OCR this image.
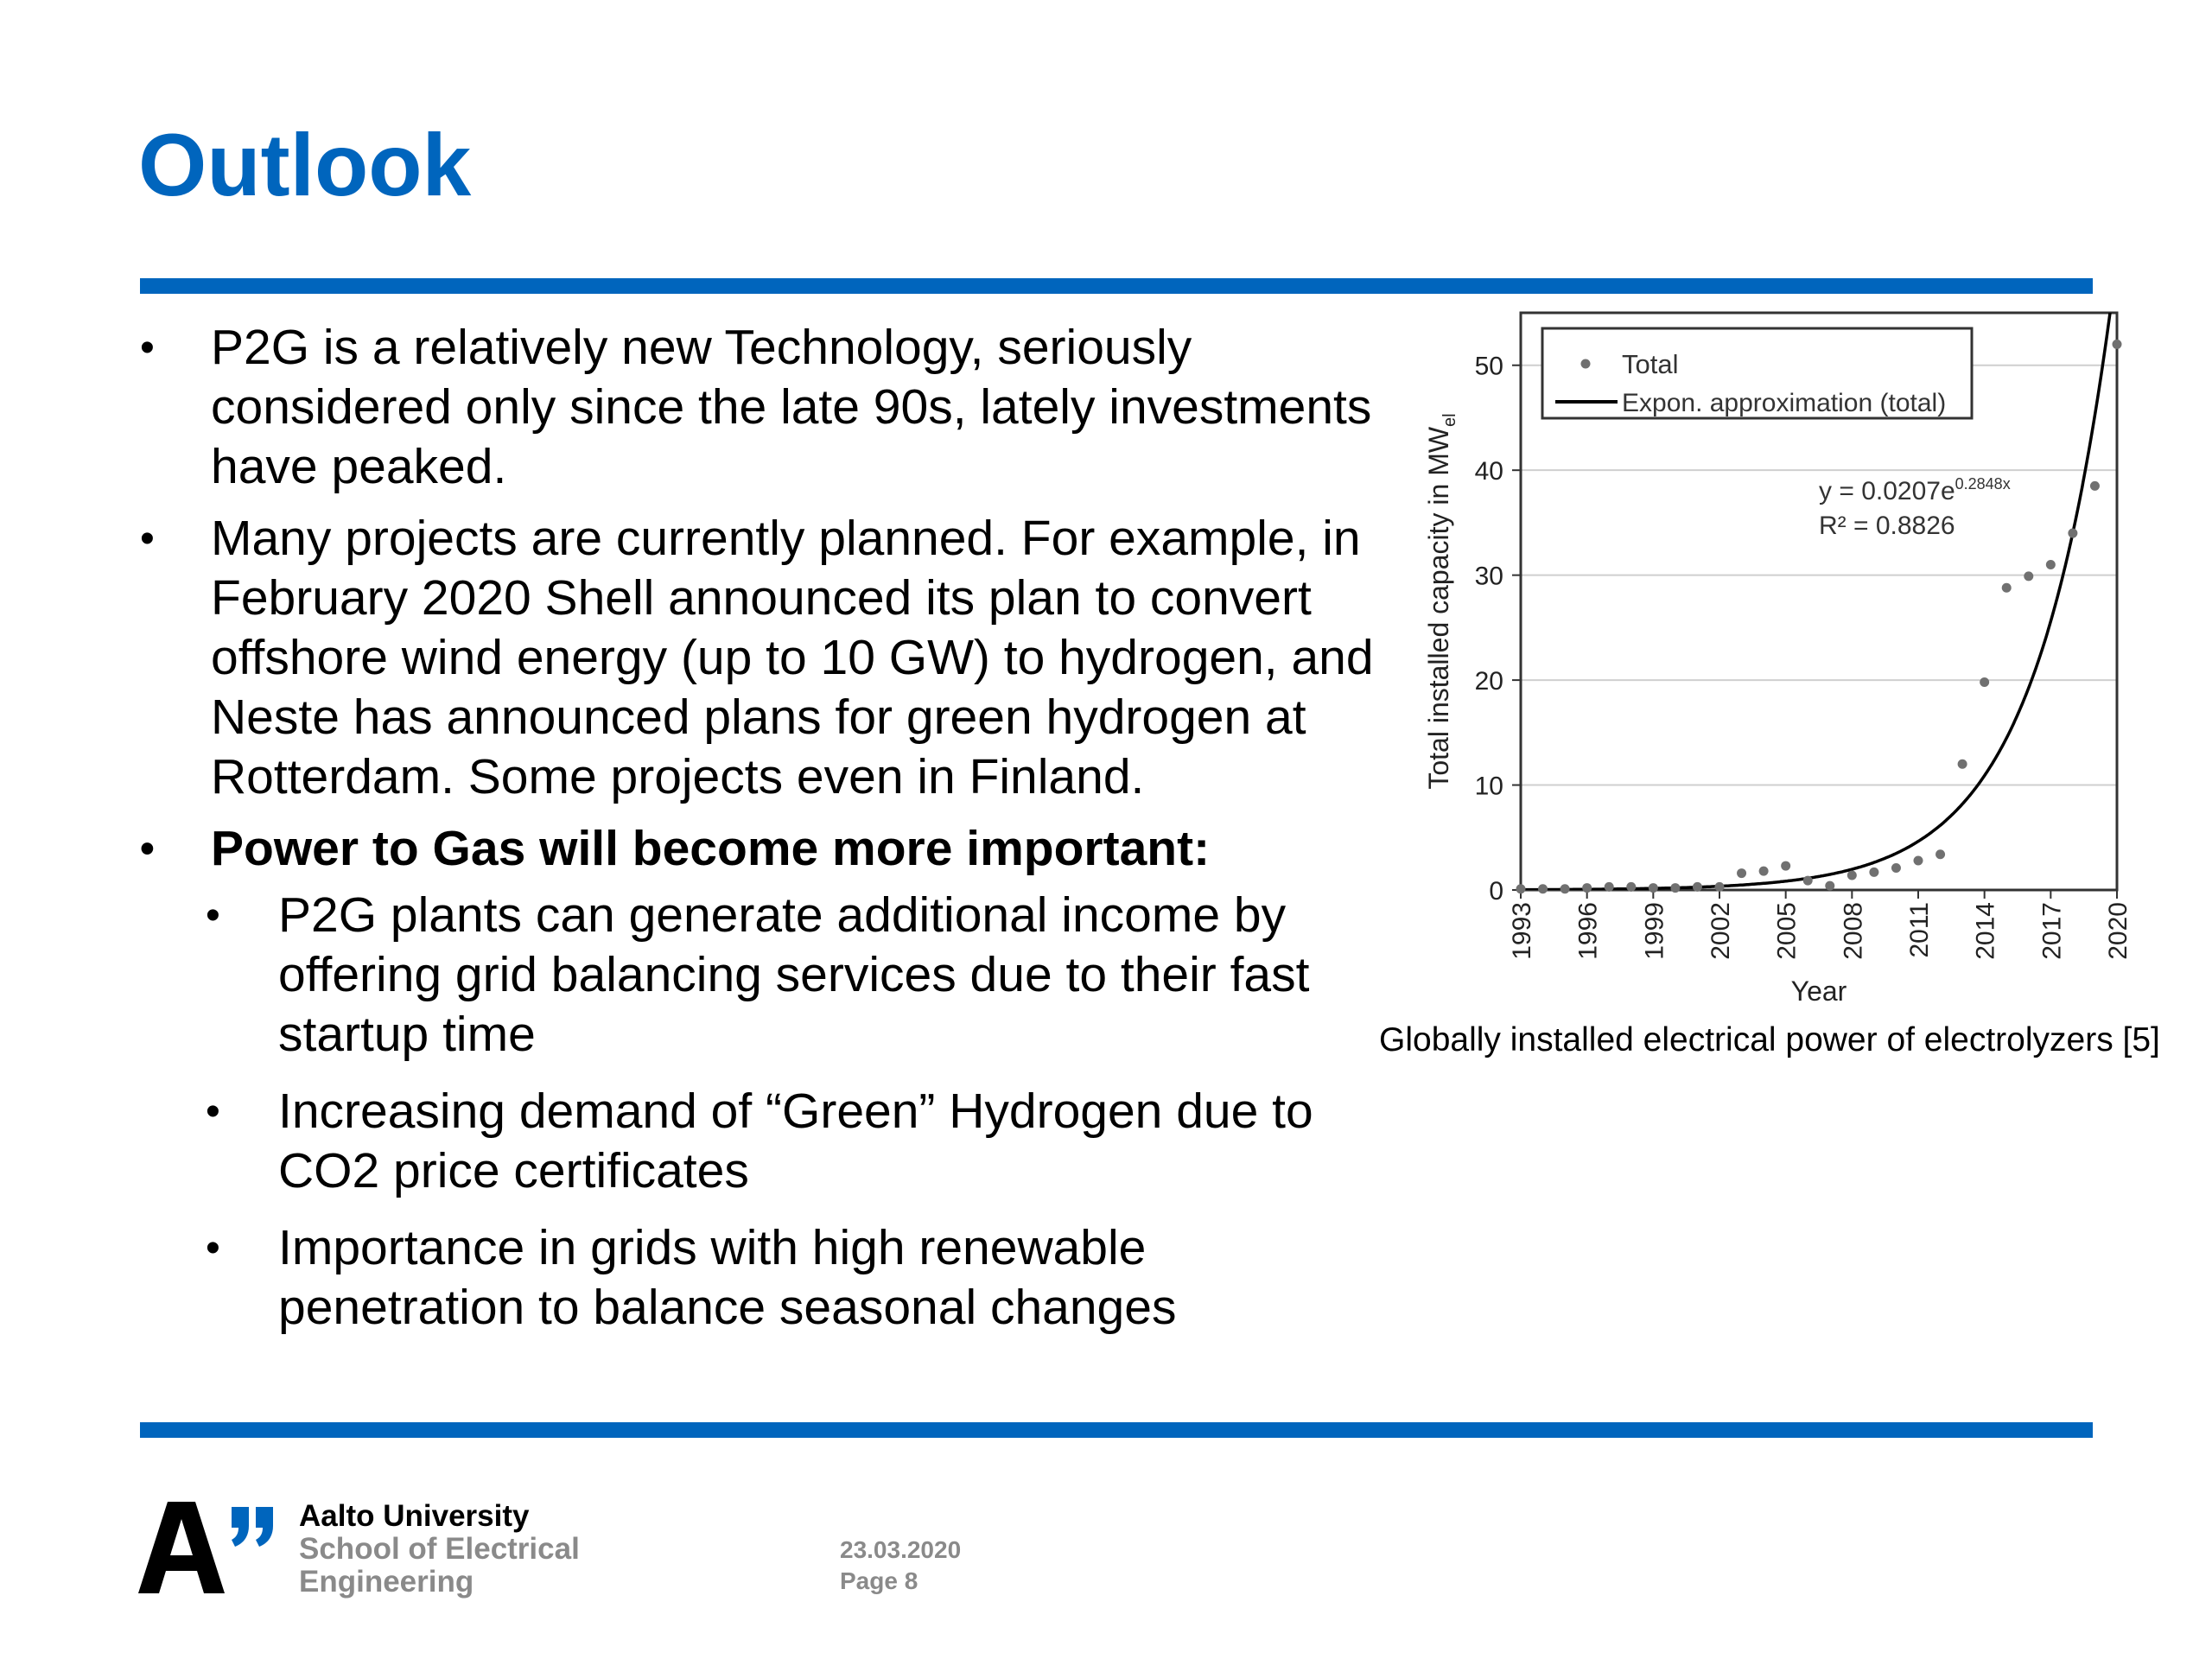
Outlook
• P2G is a relatively new Technology, seriously considered only since the late 90s, lately investments have peaked.
• Many projects are currently planned. For example, in February 2020 Shell announced its plan to convert offshore wind energy (up to 10 GW) to hydrogen, and Neste has announced plans for green hydrogen at Rotterdam. Some projects even in Finland.
• Power to Gas will become more important:
• P2G plants can generate additional income by offering grid balancing services due to their fast startup time
• Increasing demand of “Green” Hydrogen due to CO2 price certificates
• Importance in grids with high renewable penetration to balance seasonal changes
0
10
20
30
40
50
1993 1996 1999 2002 2005 2008 2011 2014 2017 2020
Year
Total installed capacity in $MW_{el}$
$y = 0.0207e^{0.2848x}$
R² = 0.8826
Total
Expon. approximation (total)
Globally installed electrical power of electrolyzers [5]
Aalto University
School of Electrical
Engineering
23.03.2020
Page 8
